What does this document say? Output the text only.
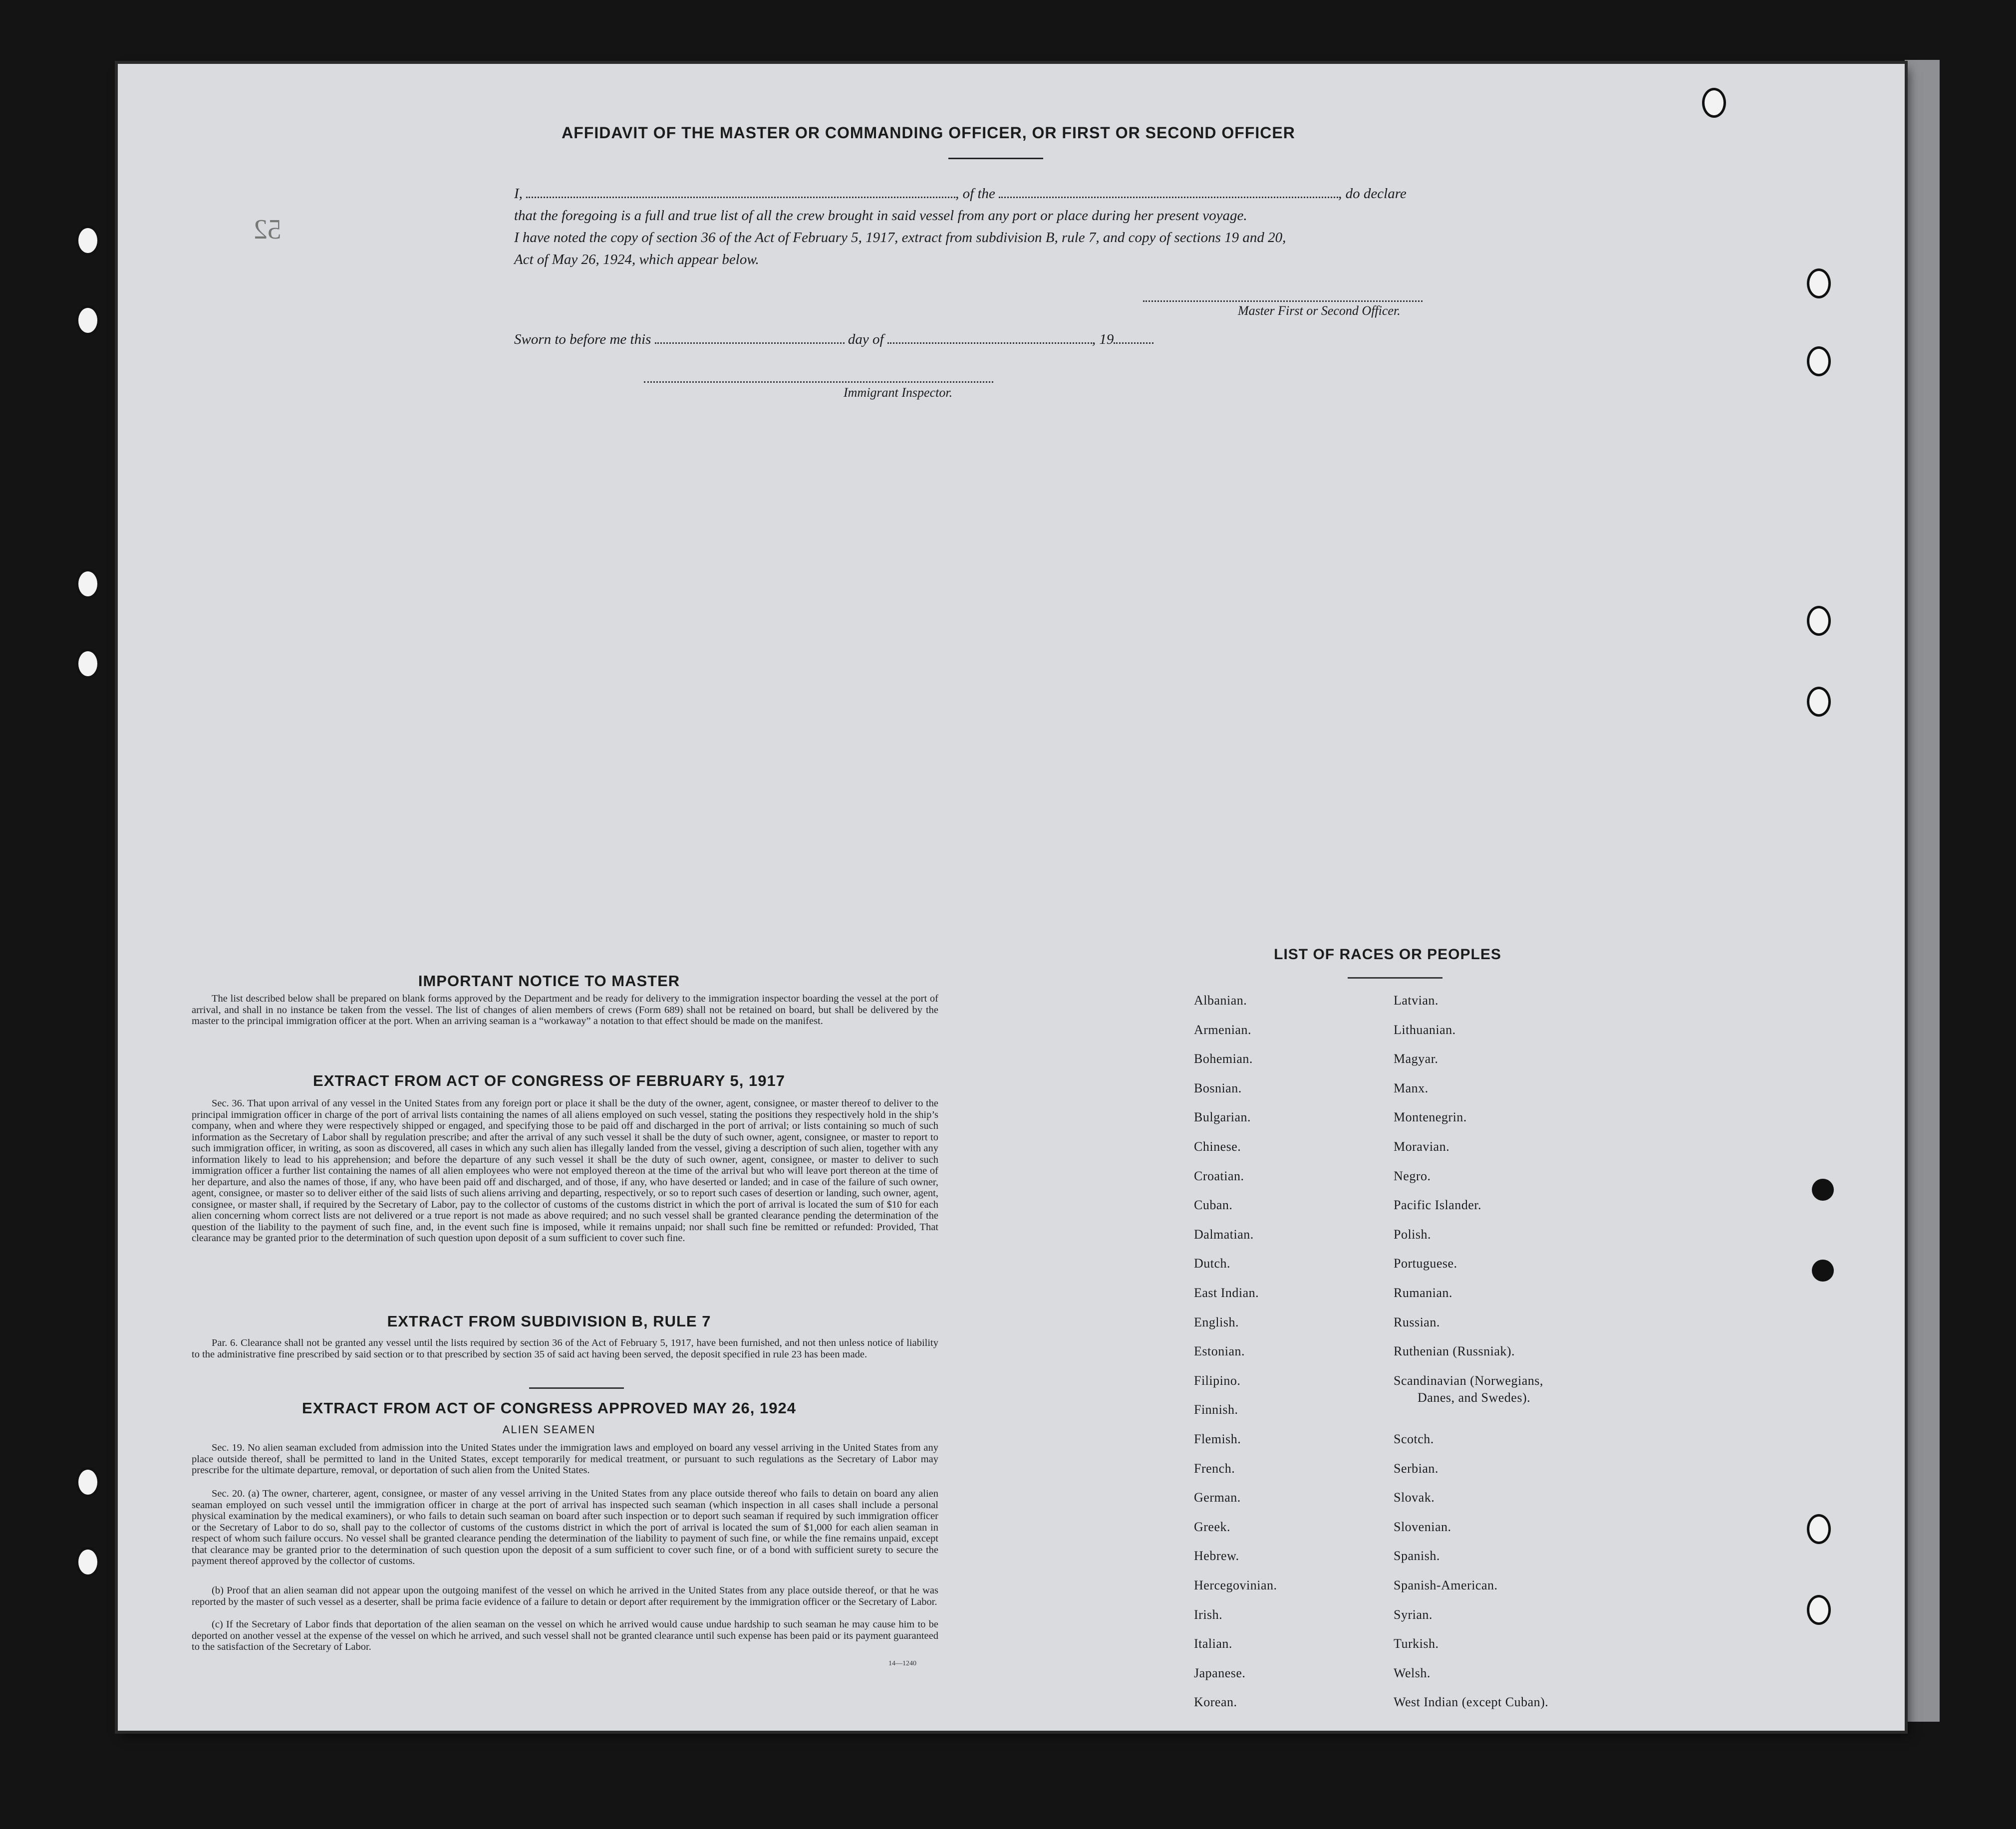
52
AFFIDAVIT OF THE MASTER OR COMMANDING OFFICER, OR FIRST OR SECOND OFFICER
I,	, of the	, do declare
that the foregoing is a full and true list of all the crew brought in said vessel from any port or place during her present voyage.
I have noted the copy of section 36 of the Act of February 5, 1917, extract from subdivision B, rule 7, and copy of sections 19 and 20,
Act of May 26, 1924, which appear below.
Master First or Second Officer.
Sworn to before me this	day of	, 19
Immigrant Inspector.
IMPORTANT NOTICE TO MASTER
The list described below shall be prepared on blank forms approved by the Department and be ready for delivery to the immigration inspector boarding the vessel at the port of arrival, and shall in no instance be taken from the vessel. The list of changes of alien members of crews (Form 689) shall not be retained on board, but shall be delivered by the master to the principal immigration officer at the port. When an arriving seaman is a “workaway” a notation to that effect should be made on the manifest.
EXTRACT FROM ACT OF CONGRESS OF FEBRUARY 5, 1917
Sec. 36. That upon arrival of any vessel in the United States from any foreign port or place it shall be the duty of the owner, agent, consignee, or master thereof to deliver to the principal immigration officer in charge of the port of arrival lists containing the names of all aliens employed on such vessel, stating the positions they respectively hold in the ship’s company, when and where they were respectively shipped or engaged, and specifying those to be paid off and discharged in the port of arrival; or lists containing so much of such information as the Secretary of Labor shall by regulation prescribe; and after the arrival of any such vessel it shall be the duty of such owner, agent, consignee, or master to report to such immigration officer, in writing, as soon as discovered, all cases in which any such alien has illegally landed from the vessel, giving a description of such alien, together with any information likely to lead to his apprehension; and before the departure of any such vessel it shall be the duty of such owner, agent, consignee, or master to deliver to such immigration officer a further list containing the names of all alien employees who were not employed thereon at the time of the arrival but who will leave port thereon at the time of her departure, and also the names of those, if any, who have been paid off and discharged, and of those, if any, who have deserted or landed; and in case of the failure of such owner, agent, consignee, or master so to deliver either of the said lists of such aliens arriving and departing, respectively, or so to report such cases of desertion or landing, such owner, agent, consignee, or master shall, if required by the Secretary of Labor, pay to the collector of customs of the customs district in which the port of arrival is located the sum of $10 for each alien concerning whom correct lists are not delivered or a true report is not made as above required; and no such vessel shall be granted clearance pending the determination of the question of the liability to the payment of such fine, and, in the event such fine is imposed, while it remains unpaid; nor shall such fine be remitted or refunded: Provided, That clearance may be granted prior to the determination of such question upon deposit of a sum sufficient to cover such fine.
EXTRACT FROM SUBDIVISION B, RULE 7
Par. 6. Clearance shall not be granted any vessel until the lists required by section 36 of the Act of February 5, 1917, have been furnished, and not then unless notice of liability to the administrative fine prescribed by said section or to that prescribed by section 35 of said act having been served, the deposit specified in rule 23 has been made.
EXTRACT FROM ACT OF CONGRESS APPROVED MAY 26, 1924
ALIEN SEAMEN
Sec. 19. No alien seaman excluded from admission into the United States under the immigration laws and employed on board any vessel arriving in the United States from any place outside thereof, shall be permitted to land in the United States, except temporarily for medical treatment, or pursuant to such regulations as the Secretary of Labor may prescribe for the ultimate departure, removal, or deportation of such alien from the United States.
Sec. 20. (a) The owner, charterer, agent, consignee, or master of any vessel arriving in the United States from any place outside thereof who fails to detain on board any alien seaman employed on such vessel until the immigration officer in charge at the port of arrival has inspected such seaman (which inspection in all cases shall include a personal physical examination by the medical examiners), or who fails to detain such seaman on board after such inspection or to deport such seaman if required by such immigration officer or the Secretary of Labor to do so, shall pay to the collector of customs of the customs district in which the port of arrival is located the sum of $1,000 for each alien seaman in respect of whom such failure occurs. No vessel shall be granted clearance pending the determination of the liability to payment of such fine, or while the fine remains unpaid, except that clearance may be granted prior to the determination of such question upon the deposit of a sum sufficient to cover such fine, or of a bond with sufficient surety to secure the payment thereof approved by the collector of customs.
(b) Proof that an alien seaman did not appear upon the outgoing manifest of the vessel on which he arrived in the United States from any place outside thereof, or that he was reported by the master of such vessel as a deserter, shall be prima facie evidence of a failure to detain or deport after requirement by the immigration officer or the Secretary of Labor.
(c) If the Secretary of Labor finds that deportation of the alien seaman on the vessel on which he arrived would cause undue hardship to such seaman he may cause him to be deported on another vessel at the expense of the vessel on which he arrived, and such vessel shall not be granted clearance until such expense has been paid or its payment guaranteed to the satisfaction of the Secretary of Labor.
14—1240
LIST OF RACES OR PEOPLES
Albanian.
Armenian.
Bohemian.
Bosnian.
Bulgarian.
Chinese.
Croatian.
Cuban.
Dalmatian.
Dutch.
East Indian.
English.
Estonian.
Filipino.
Finnish.
Flemish.
French.
German.
Greek.
Hebrew.
Hercegovinian.
Irish.
Italian.
Japanese.
Korean.
Latvian.
Lithuanian.
Magyar.
Manx.
Montenegrin.
Moravian.
Negro.
Pacific Islander.
Polish.
Portuguese.
Rumanian.
Russian.
Ruthenian (Russniak).
Scandinavian (Norwegians,
Danes, and Swedes).
Scotch.
Serbian.
Slovak.
Slovenian.
Spanish.
Spanish-American.
Syrian.
Turkish.
Welsh.
West Indian (except Cuban).
